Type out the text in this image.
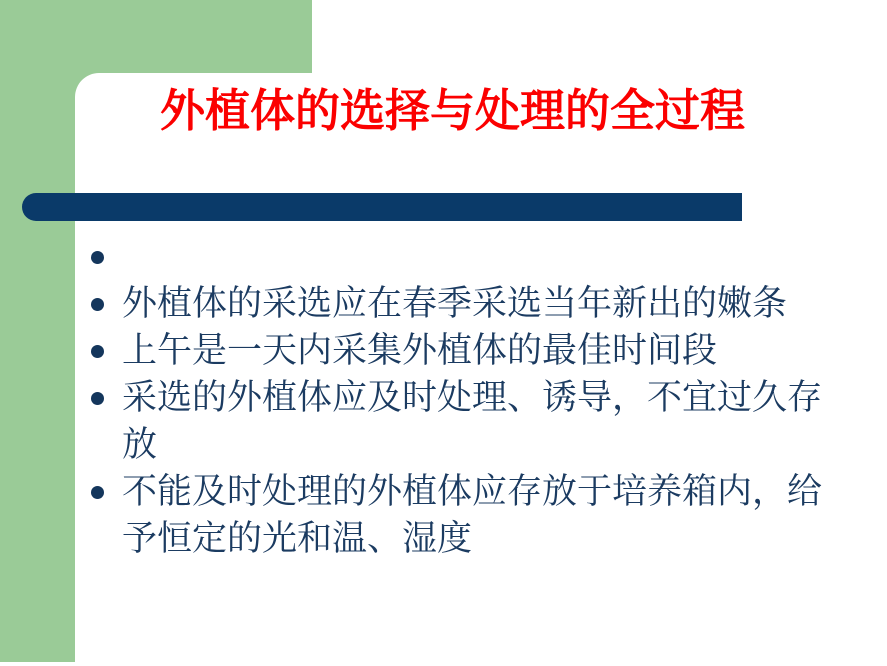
外植体的选择与处理的全过程
外植体的采选应在春季采选当年新出的嫩条
上午是一天内采集外植体的最佳时间段
采选的外植体应及时处理、诱导，不宜过久存
放
不能及时处理的外植体应存放于培养箱内，给
予恒定的光和温、湿度
